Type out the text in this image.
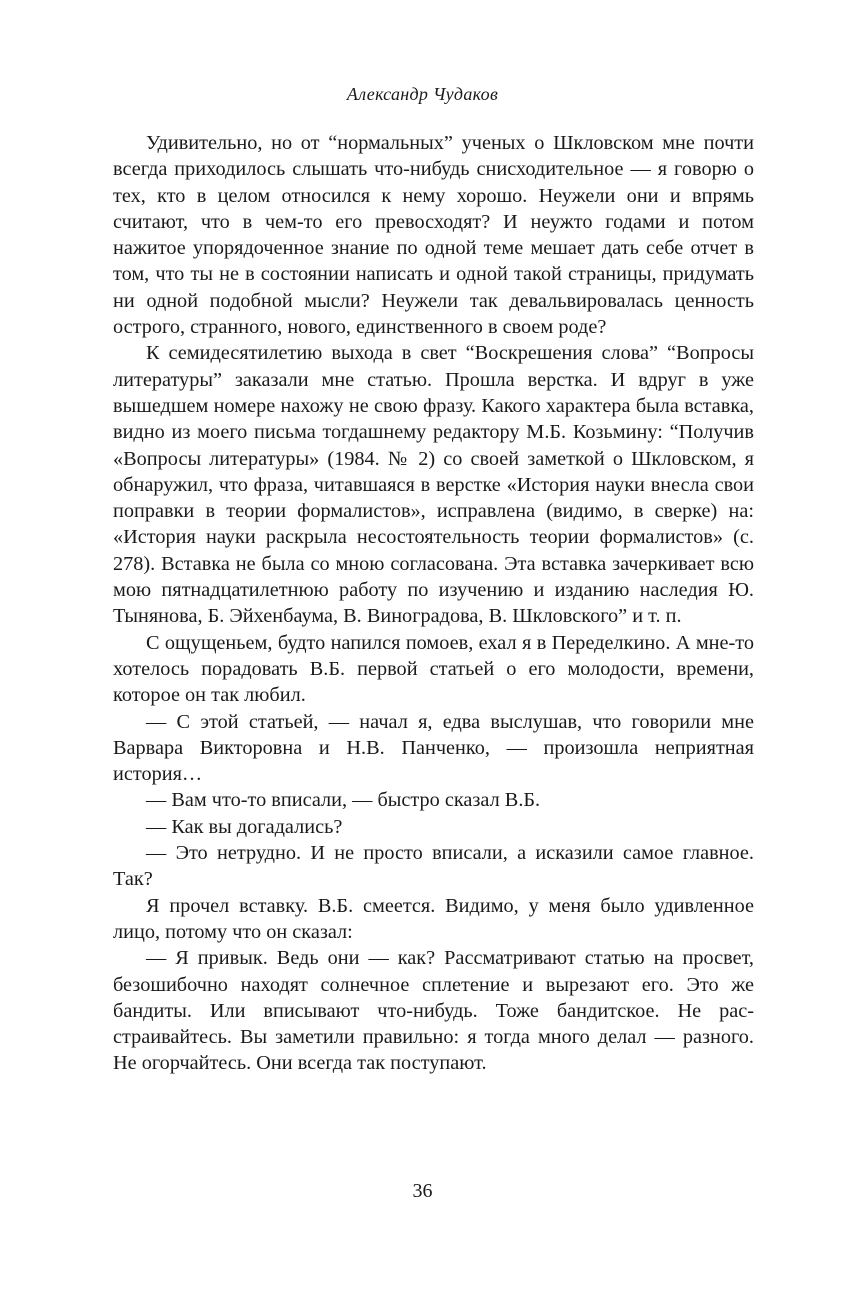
Александр Чудаков

Удивительно, но от “нормальных” ученых о Шкловском мне почти всегда приходилось слышать что-нибудь снисходительное — я говорю о тех, кто в целом относился к нему хорошо. Неужели они и впрямь считают, что в чем-то его превосходят? И неужто годами и потом нажитое упорядоченное знание по одной теме мешает дать себе отчет в том, что ты не в состоянии написать и одной такой страницы, придумать ни одной подобной мысли? Неужели так девальвировалась ценность острого, странного, нового, единственного в своем роде?

К семидесятилетию выхода в свет “Воскрешения слова” “Вопросы литературы” заказали мне статью. Прошла верстка. И вдруг в уже вышедшем номере нахожу не свою фразу. Какого характера была вставка, видно из моего письма тогдашнему редактору М.Б. Козьмину: “Получив «Вопросы литературы» (1984. № 2) со своей заметкой о Шкловском, я обнаружил, что фраза, читавшаяся в верстке «История науки внесла свои поправки в теории формалистов», исправлена (видимо, в сверке) на: «История науки раскрыла несостоятельность теории формалистов» (с. 278). Вставка не была со мною согласована. Эта вставка зачеркивает всю мою пятнадцатилетнюю работу по изучению и изданию наследия Ю. Тынянова, Б. Эйхенбаума, В. Виноградова, В. Шкловского” и т. п.

С ощущеньем, будто напился помоев, ехал я в Переделкино. А мне-то хотелось порадовать В.Б. первой статьей о его молодости, времени, которое он так любил.

— С этой статьей, — начал я, едва выслушав, что говорили мне Варвара Викторовна и Н.В. Панченко, — произошла неприятная история…

— Вам что-то вписали, — быстро сказал В.Б.

— Как вы догадались?

— Это нетрудно. И не просто вписали, а исказили самое главное. Так?

Я прочел вставку. В.Б. смеется. Видимо, у меня было удивленное лицо, потому что он сказал:

— Я привык. Ведь они — как? Рассматривают статью на просвет, безошибочно находят солнечное сплетение и вырезают его. Это же бандиты. Или вписывают что-нибудь. Тоже бандитское. Не расстраивайтесь. Вы заметили правильно: я тогда много делал — разного. Не огорчайтесь. Они всегда так поступают.

36
